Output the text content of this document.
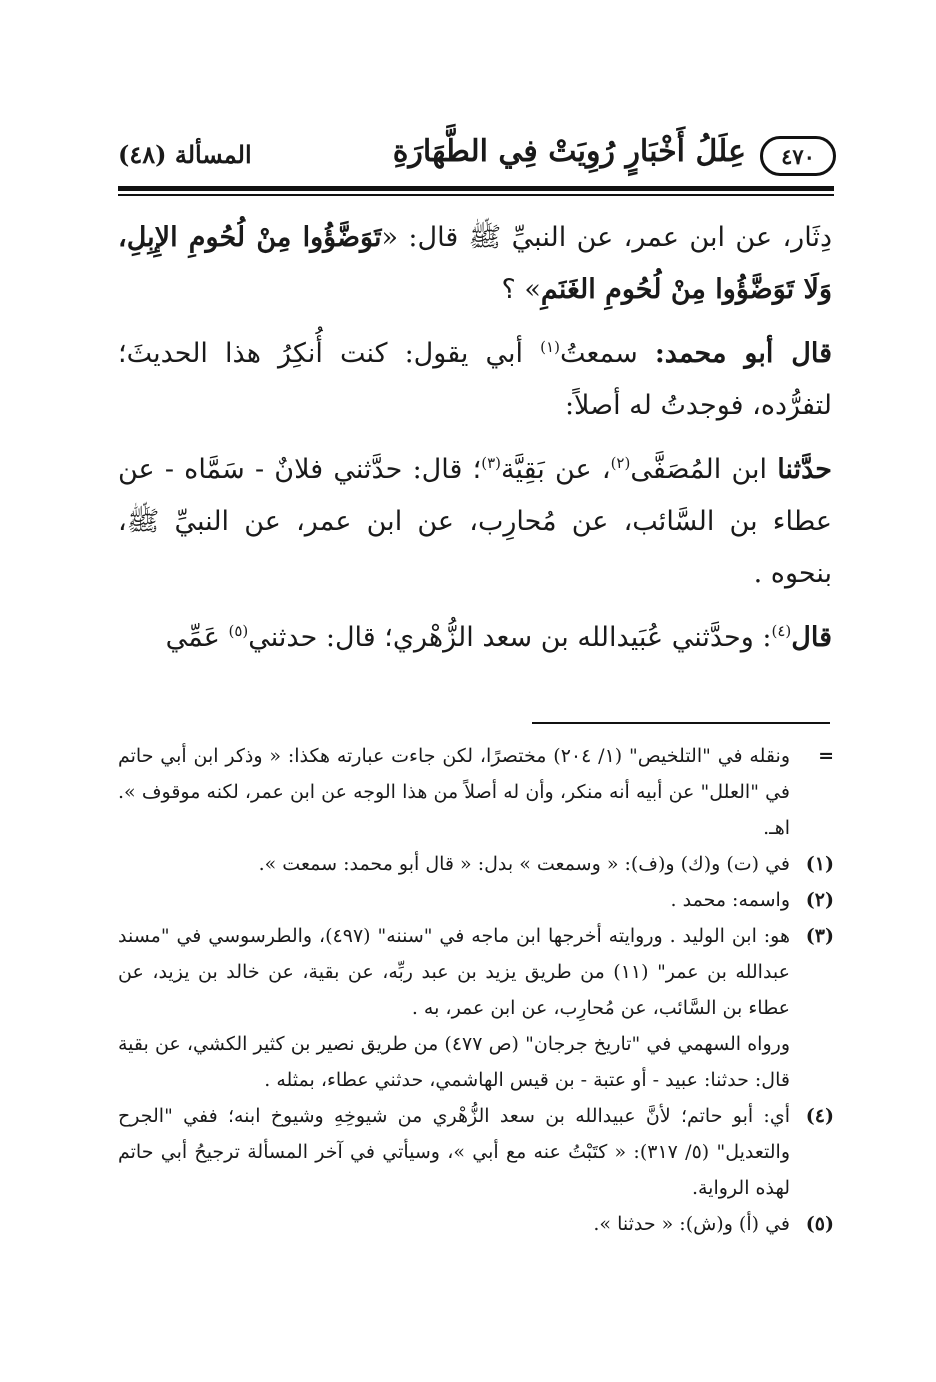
٤٧٠
عِلَلُ أَخْبَارٍ رُوِيَتْ فِي الطَّهَارَةِ
المسألة (٤٨)

دِثَار، عن ابن عمر، عن النبيِّ ﷺ قال: «تَوَضَّؤُوا مِنْ لُحُومِ الإِبِلِ، وَلَا تَوَضَّؤُوا مِنْ لُحُومِ الغَنَمِ» ؟

قال أبو محمد: سمعتُ$^{(١)}$ أبي يقول: كنت أُنكِرُ هذا الحديثَ؛ لتفرُّده، فوجدتُ له أصلاً:

حدَّثنا ابن المُصَفَّى$^{(٢)}$، عن بَقِيَّة$^{(٣)}$؛ قال: حدَّثني فلانٌ - سَمَّاه - عن عطاء بن السَّائب، عن مُحارِب، عن ابن عمر، عن النبيِّ ﷺ، بنحوه .

قال$^{(٤)}$: وحدَّثني عُبَيدالله بن سعد الزُّهْري؛ قال: حدثني$^{(٥)}$ عَمِّي

=
ونقله في "التلخيص" (١/ ٢٠٤) مختصرًا، لكن جاءت عبارته هكذا: « وذكر ابن أبي حاتم في "العلل" عن أبيه أنه منكر، وأن له أصلاً من هذا الوجه عن ابن عمر، لكنه موقوف ». اهـ.
(١)
في (ت) و(ك) و(ف): « وسمعت » بدل: « قال أبو محمد: سمعت ».
(٢)
واسمه: محمد .
(٣)
هو: ابن الوليد . وروايته أخرجها ابن ماجه في "سننه" (٤٩٧)، والطرسوسي في "مسند عبدالله بن عمر" (١١) من طريق يزيد بن عبد ربِّه، عن بقية، عن خالد بن يزيد، عن عطاء بن السَّائب، عن مُحارِب، عن ابن عمر، به .
ورواه السهمي في "تاريخ جرجان" (ص ٤٧٧) من طريق نصير بن كثير الكشي، عن بقية قال: حدثنا: عبيد - أو عتبة - بن قيس الهاشمي، حدثني عطاء، بمثله .
(٤)
أي: أبو حاتم؛ لأنَّ عبيدالله بن سعد الزُّهْري من شيوخِهِ وشيوخ ابنه؛ ففي "الجرح والتعديل" (٥/ ٣١٧): « كتَبْتُ عنه مع أبي »، وسيأتي في آخر المسألة ترجيحُ أبي حاتم لهذه الرواية.
(٥)
في (أ) و(ش): « حدثنا ».
